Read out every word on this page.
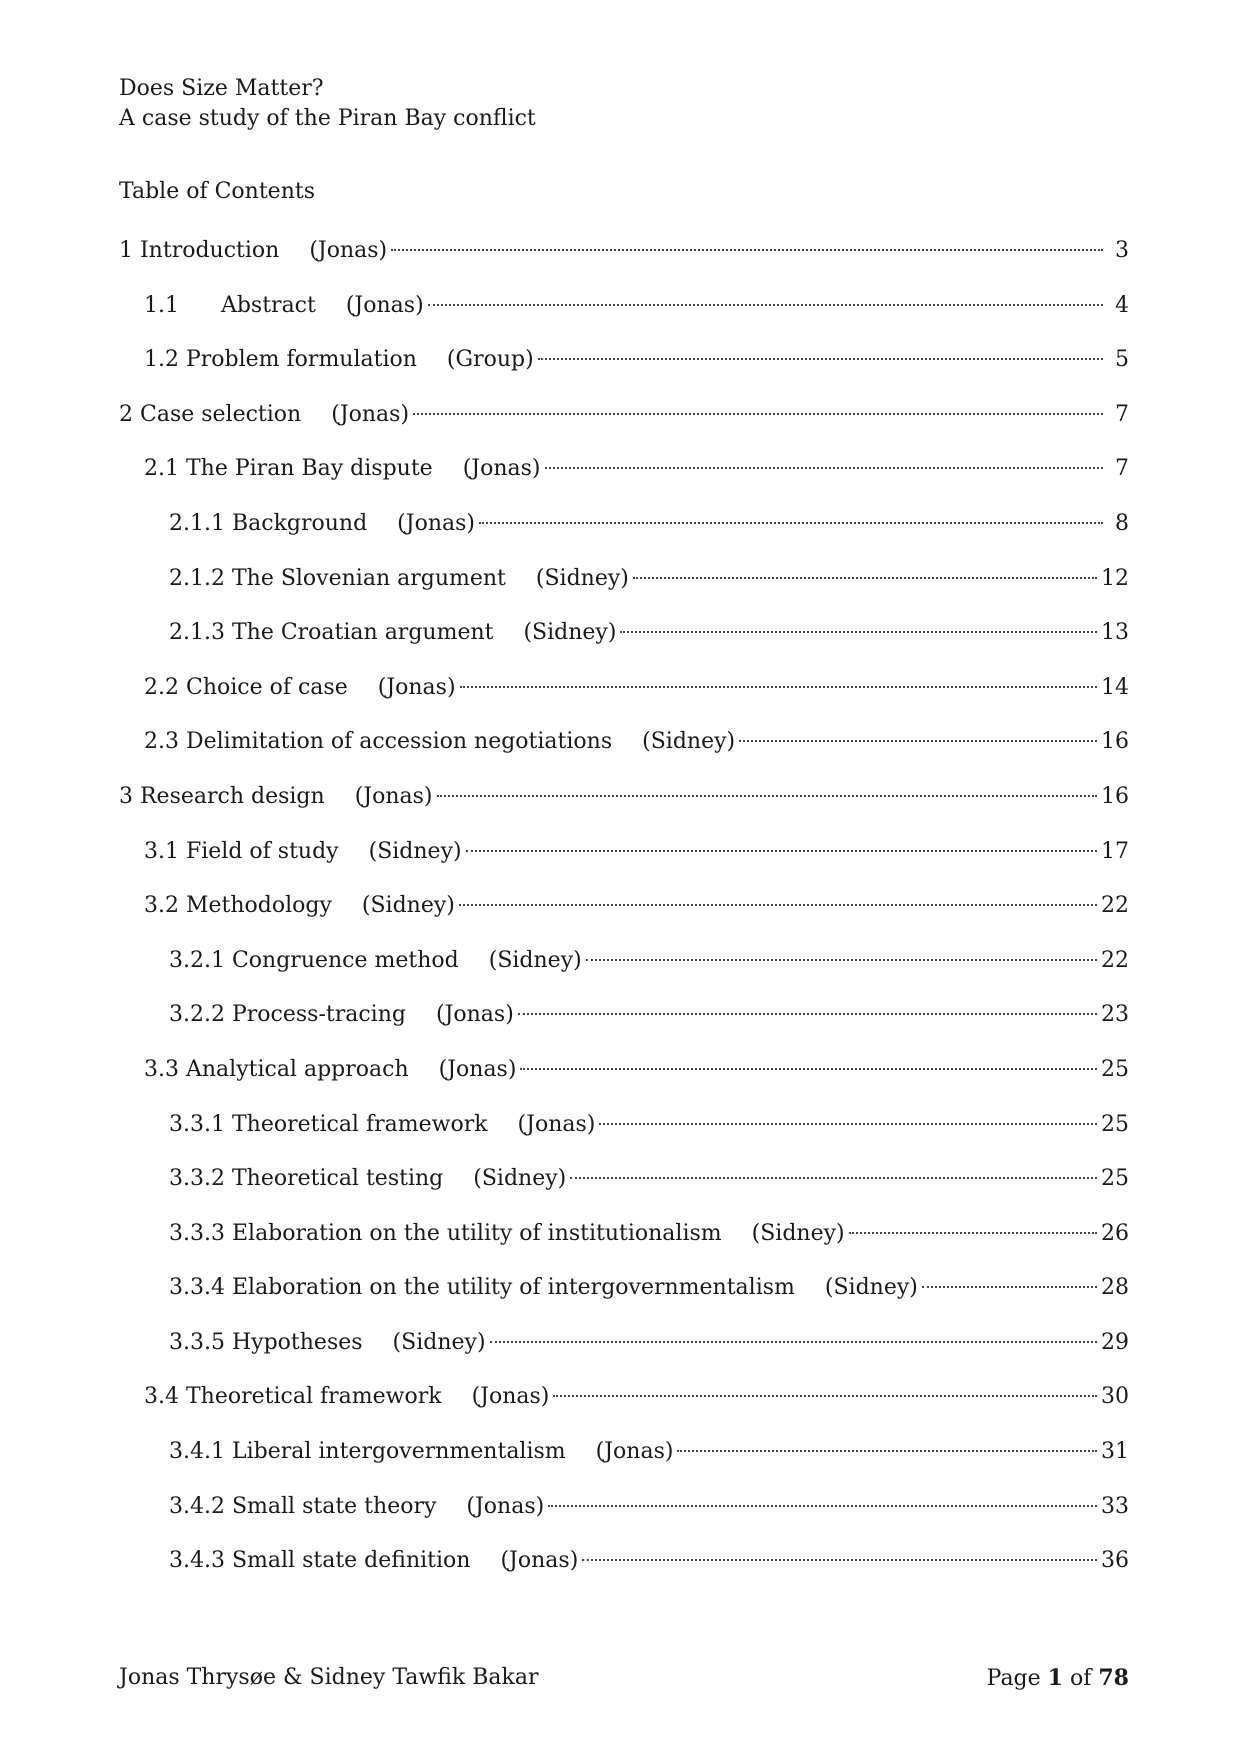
Does Size Matter?
A case study of the Piran Bay conflict
Table of Contents
1 Introduction (Jonas)	3
1.1      Abstract (Jonas)	4
1.2 Problem formulation (Group)	5
2 Case selection (Jonas)	7
2.1 The Piran Bay dispute (Jonas)	7
2.1.1 Background (Jonas)	8
2.1.2 The Slovenian argument (Sidney)	12
2.1.3 The Croatian argument (Sidney)	13
2.2 Choice of case (Jonas)	14
2.3 Delimitation of accession negotiations (Sidney)	16
3 Research design (Jonas)	16
3.1 Field of study (Sidney)	17
3.2 Methodology (Sidney)	22
3.2.1 Congruence method (Sidney)	22
3.2.2 Process-tracing (Jonas)	23
3.3 Analytical approach (Jonas)	25
3.3.1 Theoretical framework (Jonas)	25
3.3.2 Theoretical testing (Sidney)	25
3.3.3 Elaboration on the utility of institutionalism (Sidney)	26
3.3.4 Elaboration on the utility of intergovernmentalism (Sidney)	28
3.3.5 Hypotheses (Sidney)	29
3.4 Theoretical framework (Jonas)	30
3.4.1 Liberal intergovernmentalism (Jonas)	31
3.4.2 Small state theory (Jonas)	33
3.4.3 Small state definition (Jonas)	36
Jonas Thrysøe & Sidney Tawfik Bakar	Page 1 of 78
